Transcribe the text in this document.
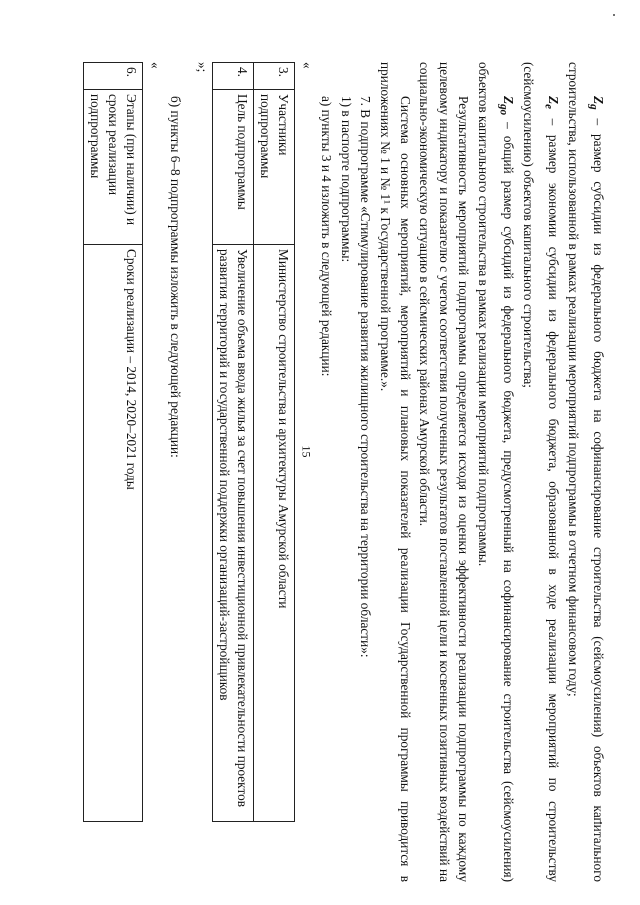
15

$Z_g$ – размер субсидии из федерального бюджета на софинансирование строительства (сейсмоусиления) объектов капитального строительства, использованной в рамках реализации мероприятий подпрограммы в отчетном финансовом году;

$Z_e$ – размер экономии субсидии из федерального бюджета, образованной в ходе реализации мероприятий по строительству (сейсмоусилению) объектов капитального строительства;

$Z_{go}$ – общий размер субсидий из федерального бюджета, предусмотренный на софинансирование строительства (сейсмоусиления) объектов капитального строительства в рамках реализации мероприятий подпрограммы.

Результативность мероприятий подпрограммы определяется исходя из оценки эффективности реализации подпрограммы по каждому целевому индикатору и показателю с учетом соответствия полученных результатов поставленной цели и косвенных позитивных воздействий на социально-экономическую ситуацию в сейсмических районах Амурской области.

Система основных мероприятий, мероприятий и плановых показателей реализации Государственной программы приводится в приложениях № 1 и № 1¹ к Государственной программе.».

7. В подпрограмме «Стимулирование развития жилищного строительства на территории области»:

1) в паспорте подпрограммы:

а) пункты 3 и 4 изложить в следующей редакции:

«
3.	Участники подпрограммы	Министерство строительства и архитектуры Амурской области
4.	Цель подпрограммы	Увеличение объема ввода жилья за счет повышения инвестиционной привлекательности проектов развития территорий и государственной поддержки организаций-застройщиков

»;

б) пункты 6–8 подпрограммы изложить в следующей редакции:

«
6.	Этапы (при наличии) и сроки реализации подпрограммы	Сроки реализации – 2014, 2020–2021 годы
